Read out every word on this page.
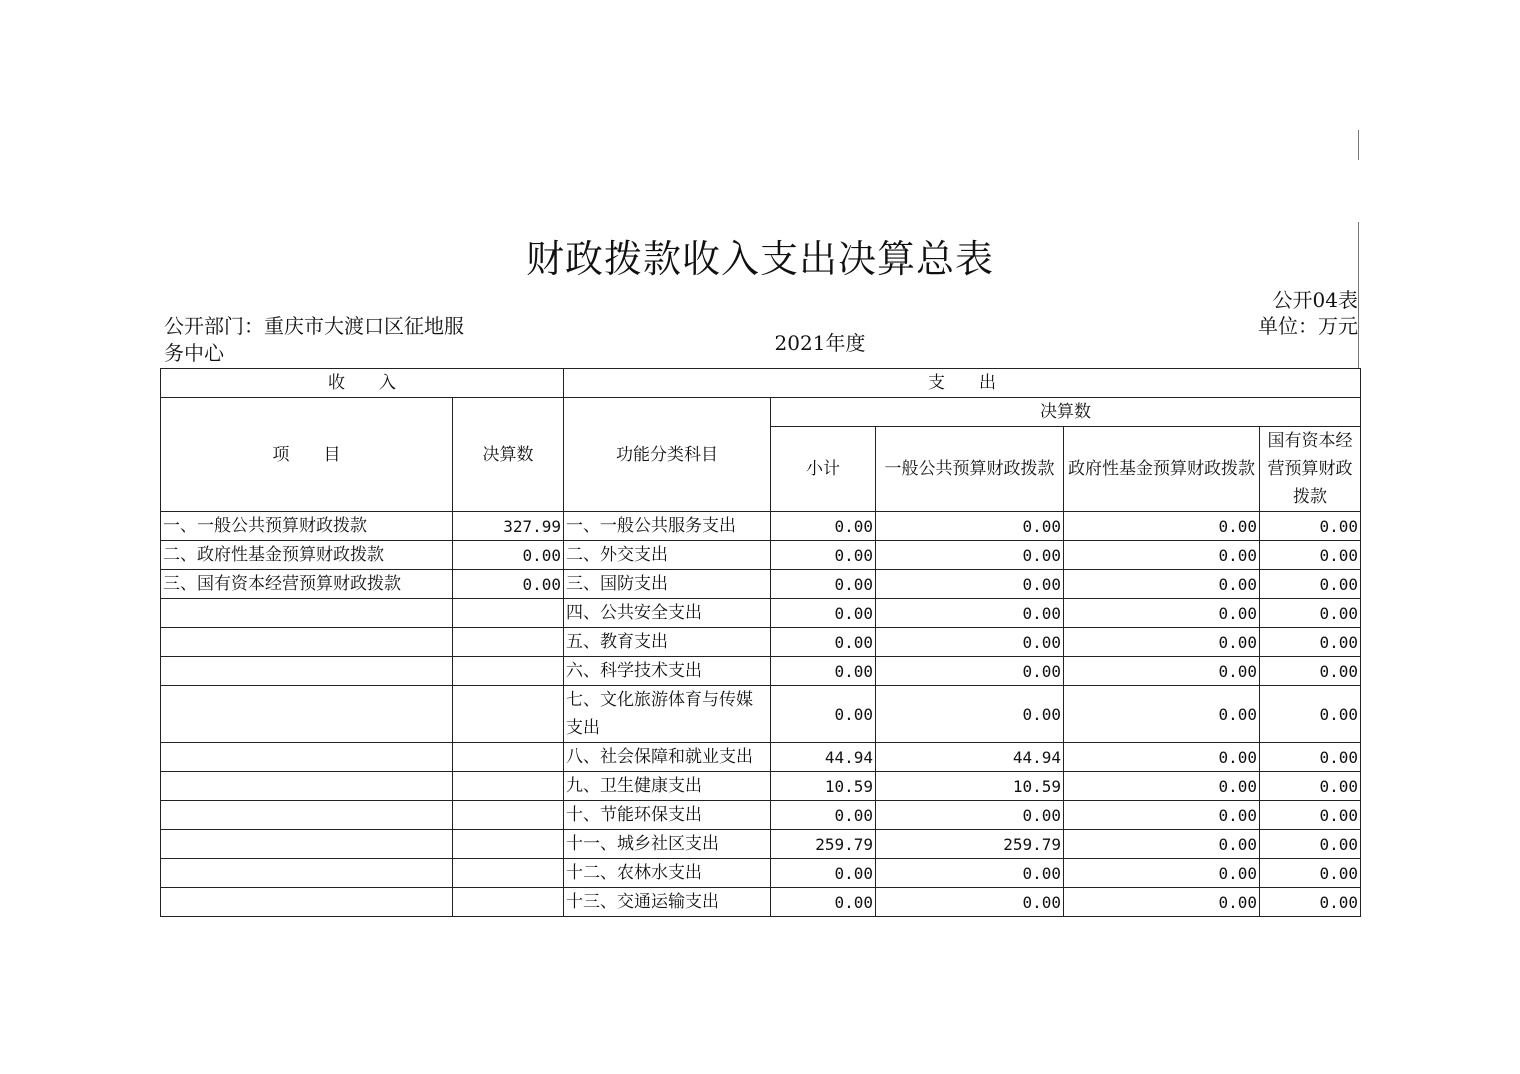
财政拨款收入支出决算总表
公开04表
公开部门：重庆市大渡口区征地服务中心	2021年度
单位：万元
收　　入		支　　出				
项　　目	决算数	功能分类科目	决算数			
			小计	一般公共预算财政拨款	政府性基金预算财政拨款	国有资本经营预算财政拨款
一、一般公共预算财政拨款	327.99	一、一般公共服务支出	0.00	0.00	0.00	0.00
二、政府性基金预算财政拨款	0.00	二、外交支出	0.00	0.00	0.00	0.00
三、国有资本经营预算财政拨款	0.00	三、国防支出	0.00	0.00	0.00	0.00
		四、公共安全支出	0.00	0.00	0.00	0.00
		五、教育支出	0.00	0.00	0.00	0.00
		六、科学技术支出	0.00	0.00	0.00	0.00
		七、文化旅游体育与传媒支出	0.00	0.00	0.00	0.00
		八、社会保障和就业支出	44.94	44.94	0.00	0.00
		九、卫生健康支出	10.59	10.59	0.00	0.00
		十、节能环保支出	0.00	0.00	0.00	0.00
		十一、城乡社区支出	259.79	259.79	0.00	0.00
		十二、农林水支出	0.00	0.00	0.00	0.00
		十三、交通运输支出	0.00	0.00	0.00	0.00
